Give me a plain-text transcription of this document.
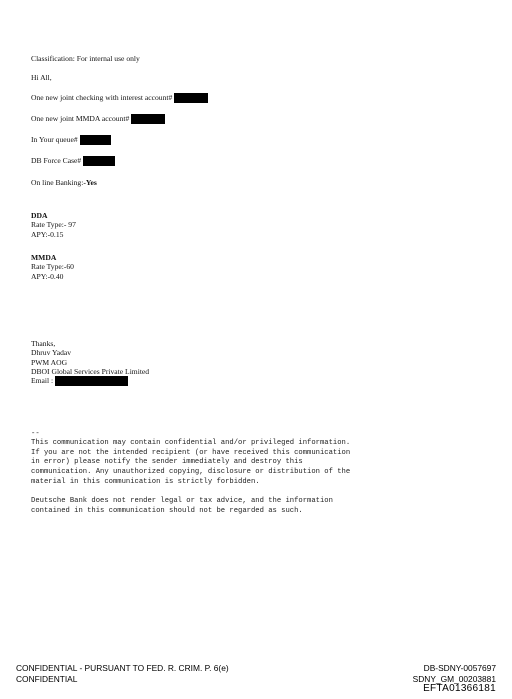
Classification: For internal use only
Hi All,
One new joint checking with interest account#
One new joint MMDA account#
In Your queue#
DB Force Case#
On line Banking:-Yes
DDA
Rate Type:- 97
APY:-0.15
MMDA
Rate Type:-60
APY:-0.40
Thanks,
Dhruv Yadav
PWM AOG
DBOI Global Services Private Limited
Email :
--
This communication may contain confidential and/or privileged information.
If you are not the intended recipient (or have received this communication
in error) please notify the sender immediately and destroy this
communication. Any unauthorized copying, disclosure or distribution of the
material in this communication is strictly forbidden.
Deutsche Bank does not render legal or tax advice, and the information
contained in this communication should not be regarded as such.
CONFIDENTIAL - PURSUANT TO FED. R. CRIM. P. 6(e)
CONFIDENTIAL
DB-SDNY-0057697
SDNY_GM_00203881
EFTA01366181
